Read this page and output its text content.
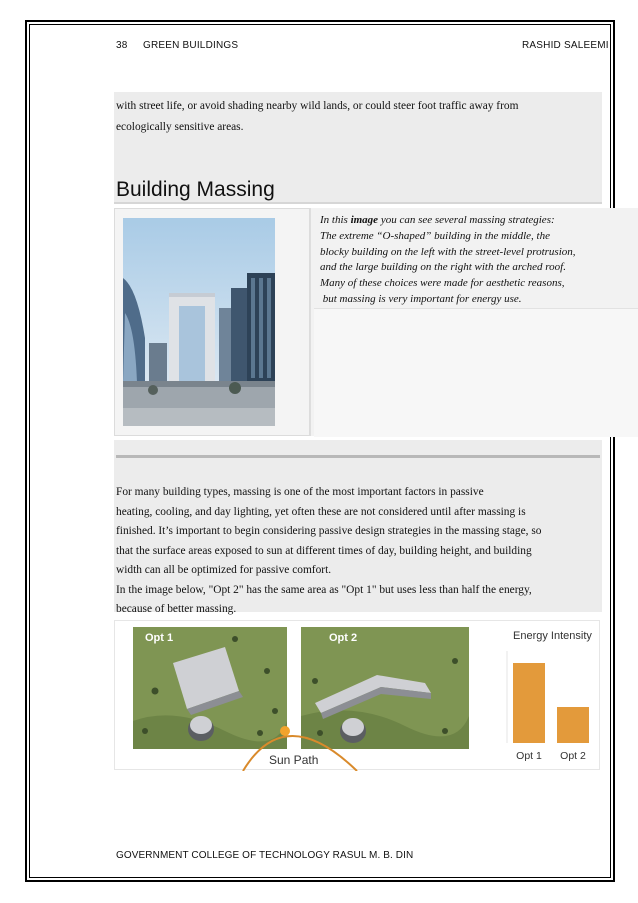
38 GREEN BUILDINGS	RASHID SALEEMI
with street life, or avoid shading nearby wild lands, or could steer foot traffic away from
ecologically sensitive areas.
Building Massing
In this image you can see several massing strategies:
The extreme “O-shaped” building in the middle, the
blocky building on the left with the street-level protrusion,
and the large building on the right with the arched roof.
Many of these choices were made for aesthetic reasons,
but massing is very important for energy use.
For many building types, massing is one of the most important factors in passive
heating, cooling, and day lighting, yet often these are not considered until after massing is
finished. It’s important to begin considering passive design strategies in the massing stage, so
that the surface areas exposed to sun at different times of day, building height, and building
width can all be optimized for passive comfort.
In the image below, "Opt 2" has the same area as "Opt 1" but uses less than half the energy,
because of better massing.
Opt 1	Opt 2
Sun Path
Energy Intensity
Opt 1 Opt 2
GOVERNMENT COLLEGE OF TECHNOLOGY RASUL M. B. DIN
